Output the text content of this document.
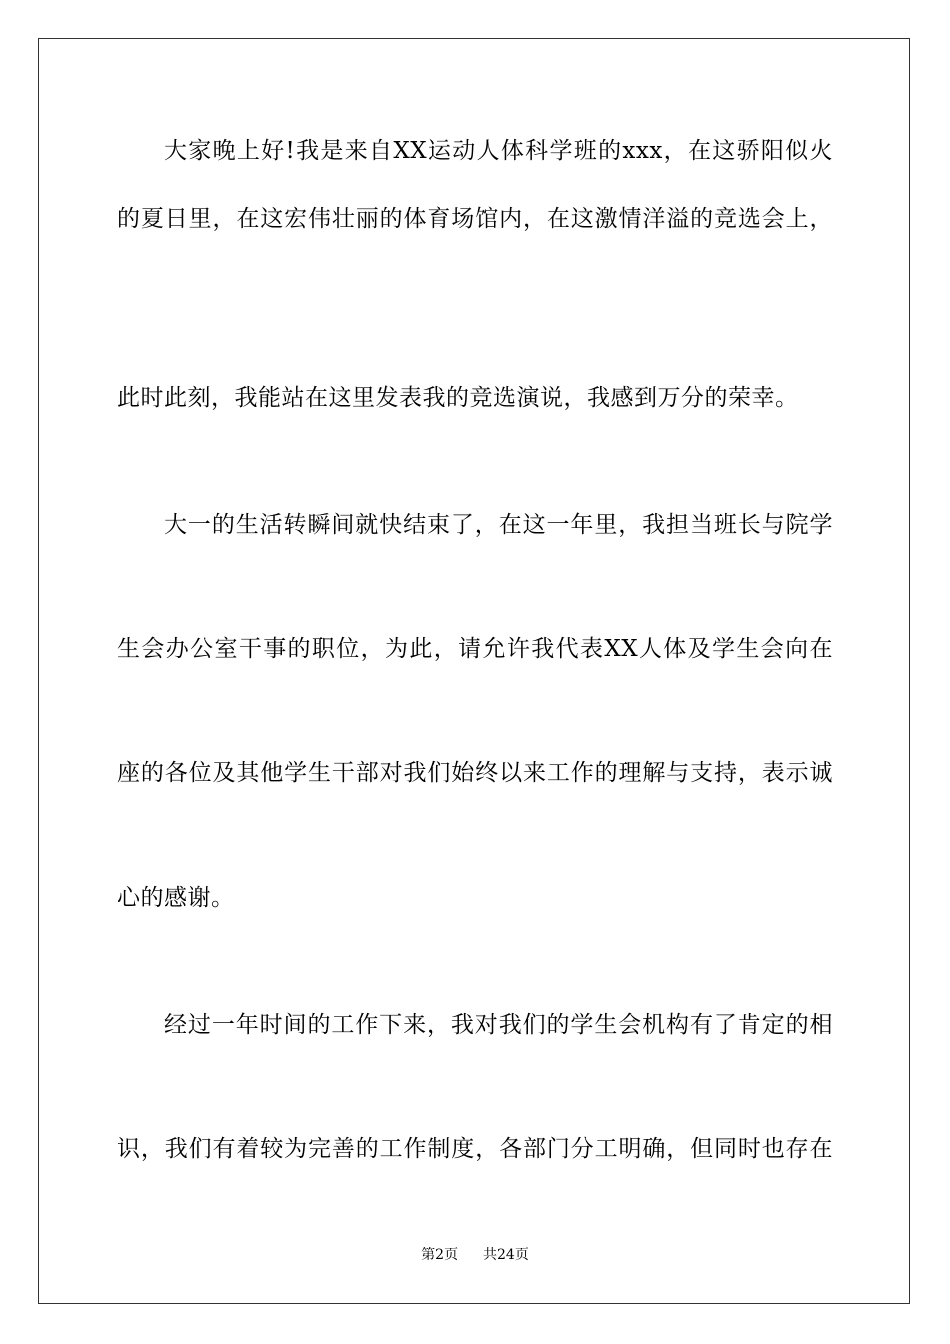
大家晚上好!我是来自XX运动人体科学班的xxx，在这骄阳似火
的夏日里，在这宏伟壮丽的体育场馆内，在这激情洋溢的竞选会上，
此时此刻，我能站在这里发表我的竞选演说，我感到万分的荣幸。
大一的生活转瞬间就快结束了，在这一年里，我担当班长与院学
生会办公室干事的职位，为此，请允许我代表XX人体及学生会向在
座的各位及其他学生干部对我们始终以来工作的理解与支持，表示诚
心的感谢。
经过一年时间的工作下来，我对我们的学生会机构有了肯定的相
识，我们有着较为完善的工作制度，各部门分工明确，但同时也存在
第2页 共24页
